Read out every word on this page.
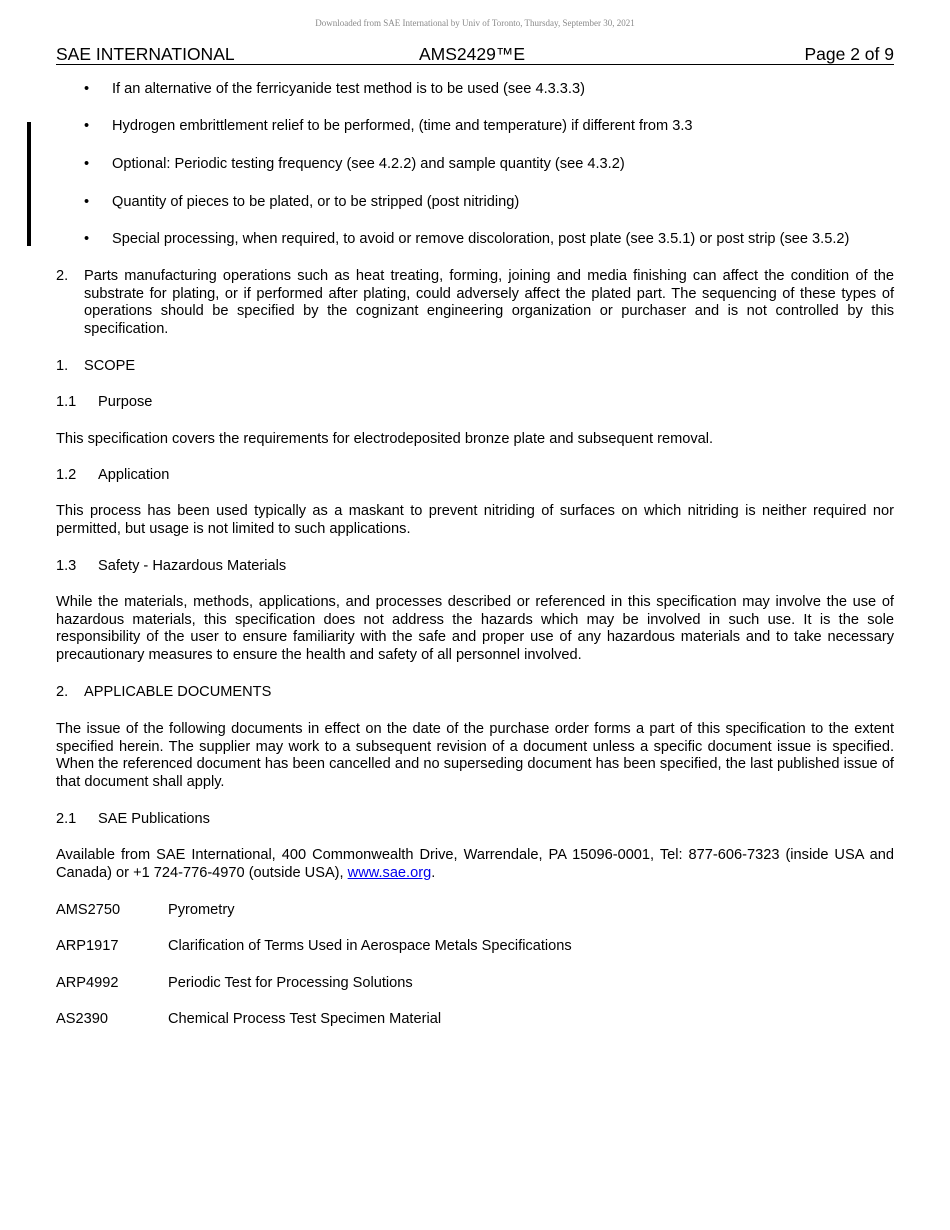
Downloaded from SAE International by Univ of Toronto, Thursday, September 30, 2021
SAE INTERNATIONAL	AMS2429™E	Page 2 of 9
• If an alternative of the ferricyanide test method is to be used (see 4.3.3.3)
• Hydrogen embrittlement relief to be performed, (time and temperature) if different from 3.3
• Optional: Periodic testing frequency (see 4.2.2) and sample quantity (see 4.3.2)
• Quantity of pieces to be plated, or to be stripped (post nitriding)
• Special processing, when required, to avoid or remove discoloration, post plate (see 3.5.1) or post strip (see 3.5.2)
2. Parts manufacturing operations such as heat treating, forming, joining and media finishing can affect the condition of the substrate for plating, or if performed after plating, could adversely affect the plated part. The sequencing of these types of operations should be specified by the cognizant engineering organization or purchaser and is not controlled by this specification.
1. SCOPE
1.1 Purpose
This specification covers the requirements for electrodeposited bronze plate and subsequent removal.
1.2 Application
This process has been used typically as a maskant to prevent nitriding of surfaces on which nitriding is neither required nor permitted, but usage is not limited to such applications.
1.3 Safety - Hazardous Materials
While the materials, methods, applications, and processes described or referenced in this specification may involve the use of hazardous materials, this specification does not address the hazards which may be involved in such use. It is the sole responsibility of the user to ensure familiarity with the safe and proper use of any hazardous materials and to take necessary precautionary measures to ensure the health and safety of all personnel involved.
2. APPLICABLE DOCUMENTS
The issue of the following documents in effect on the date of the purchase order forms a part of this specification to the extent specified herein. The supplier may work to a subsequent revision of a document unless a specific document issue is specified. When the referenced document has been cancelled and no superseding document has been specified, the last published issue of that document shall apply.
2.1 SAE Publications
Available from SAE International, 400 Commonwealth Drive, Warrendale, PA 15096-0001, Tel: 877-606-7323 (inside USA and Canada) or +1 724-776-4970 (outside USA), www.sae.org.
AMS2750	Pyrometry
ARP1917	Clarification of Terms Used in Aerospace Metals Specifications
ARP4992	Periodic Test for Processing Solutions
AS2390	Chemical Process Test Specimen Material
